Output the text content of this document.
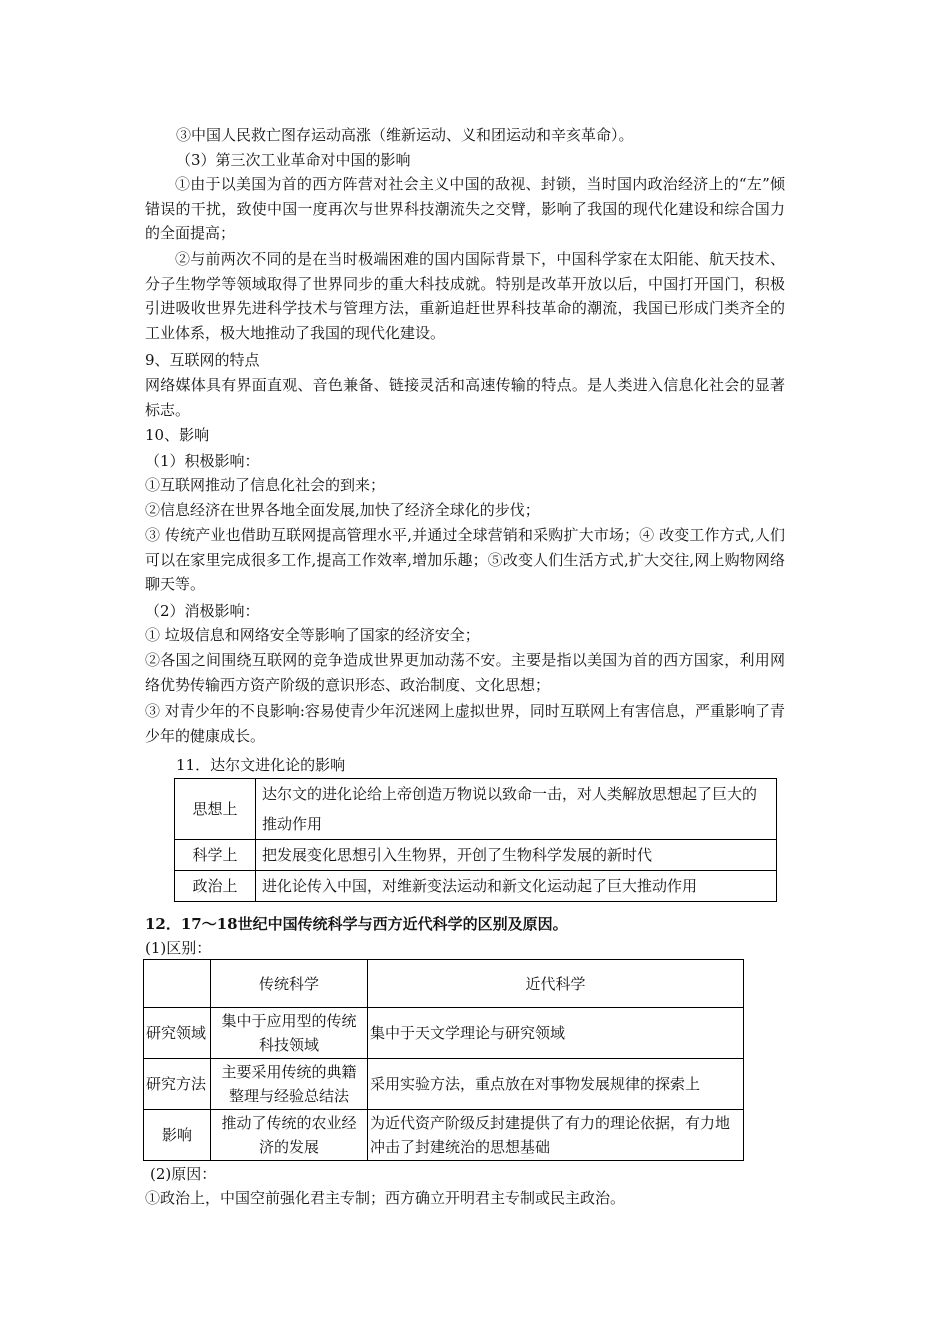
③中国人民救亡图存运动高涨（维新运动、义和团运动和辛亥革命）。
（3）第三次工业革命对中国的影响
①由于以美国为首的西方阵营对社会主义中国的敌视、封锁，当时国内政治经济上的“左”倾错误的干扰，致使中国一度再次与世界科技潮流失之交臂，影响了我国的现代化建设和综合国力的全面提高；
②与前两次不同的是在当时极端困难的国内国际背景下，中国科学家在太阳能、航天技术、分子生物学等领域取得了世界同步的重大科技成就。特别是改革开放以后，中国打开国门，积极引进吸收世界先进科学技术与管理方法，重新追赶世界科技革命的潮流，我国已形成门类齐全的工业体系，极大地推动了我国的现代化建设。
9、互联网的特点
网络媒体具有界面直观、音色兼备、链接灵活和高速传输的特点。是人类进入信息化社会的显著标志。
10、影响
（1）积极影响：
①互联网推动了信息化社会的到来；
②信息经济在世界各地全面发展,加快了经济全球化的步伐；
③ 传统产业也借助互联网提高管理水平,并通过全球营销和采购扩大市场；④ 改变工作方式,人们可以在家里完成很多工作,提高工作效率,增加乐趣；⑤改变人们生活方式,扩大交往,网上购物网络聊天等。
（2）消极影响：
① 垃圾信息和网络安全等影响了国家的经济安全；
②各国之间围绕互联网的竞争造成世界更加动荡不安。主要是指以美国为首的西方国家，利用网络优势传输西方资产阶级的意识形态、政治制度、文化思想；
③ 对青少年的不良影响:容易使青少年沉迷网上虚拟世界，同时互联网上有害信息，严重影响了青少年的健康成长。
11．达尔文进化论的影响
思想上	达尔文的进化论给上帝创造万物说以致命一击，对人类解放思想起了巨大的推动作用
科学上	把发展变化思想引入生物界，开创了生物科学发展的新时代
政治上	进化论传入中国，对维新变法运动和新文化运动起了巨大推动作用
12．17～18世纪中国传统科学与西方近代科学的区别及原因。
(1)区别：
	传统科学	近代科学
研究领域	集中于应用型的传统科技领域	集中于天文学理论与研究领域
研究方法	主要采用传统的典籍整理与经验总结法	采用实验方法，重点放在对事物发展规律的探索上
影响	推动了传统的农业经济的发展	为近代资产阶级反封建提供了有力的理论依据，有力地冲击了封建统治的思想基础
(2)原因：
①政治上，中国空前强化君主专制；西方确立开明君主专制或民主政治。
